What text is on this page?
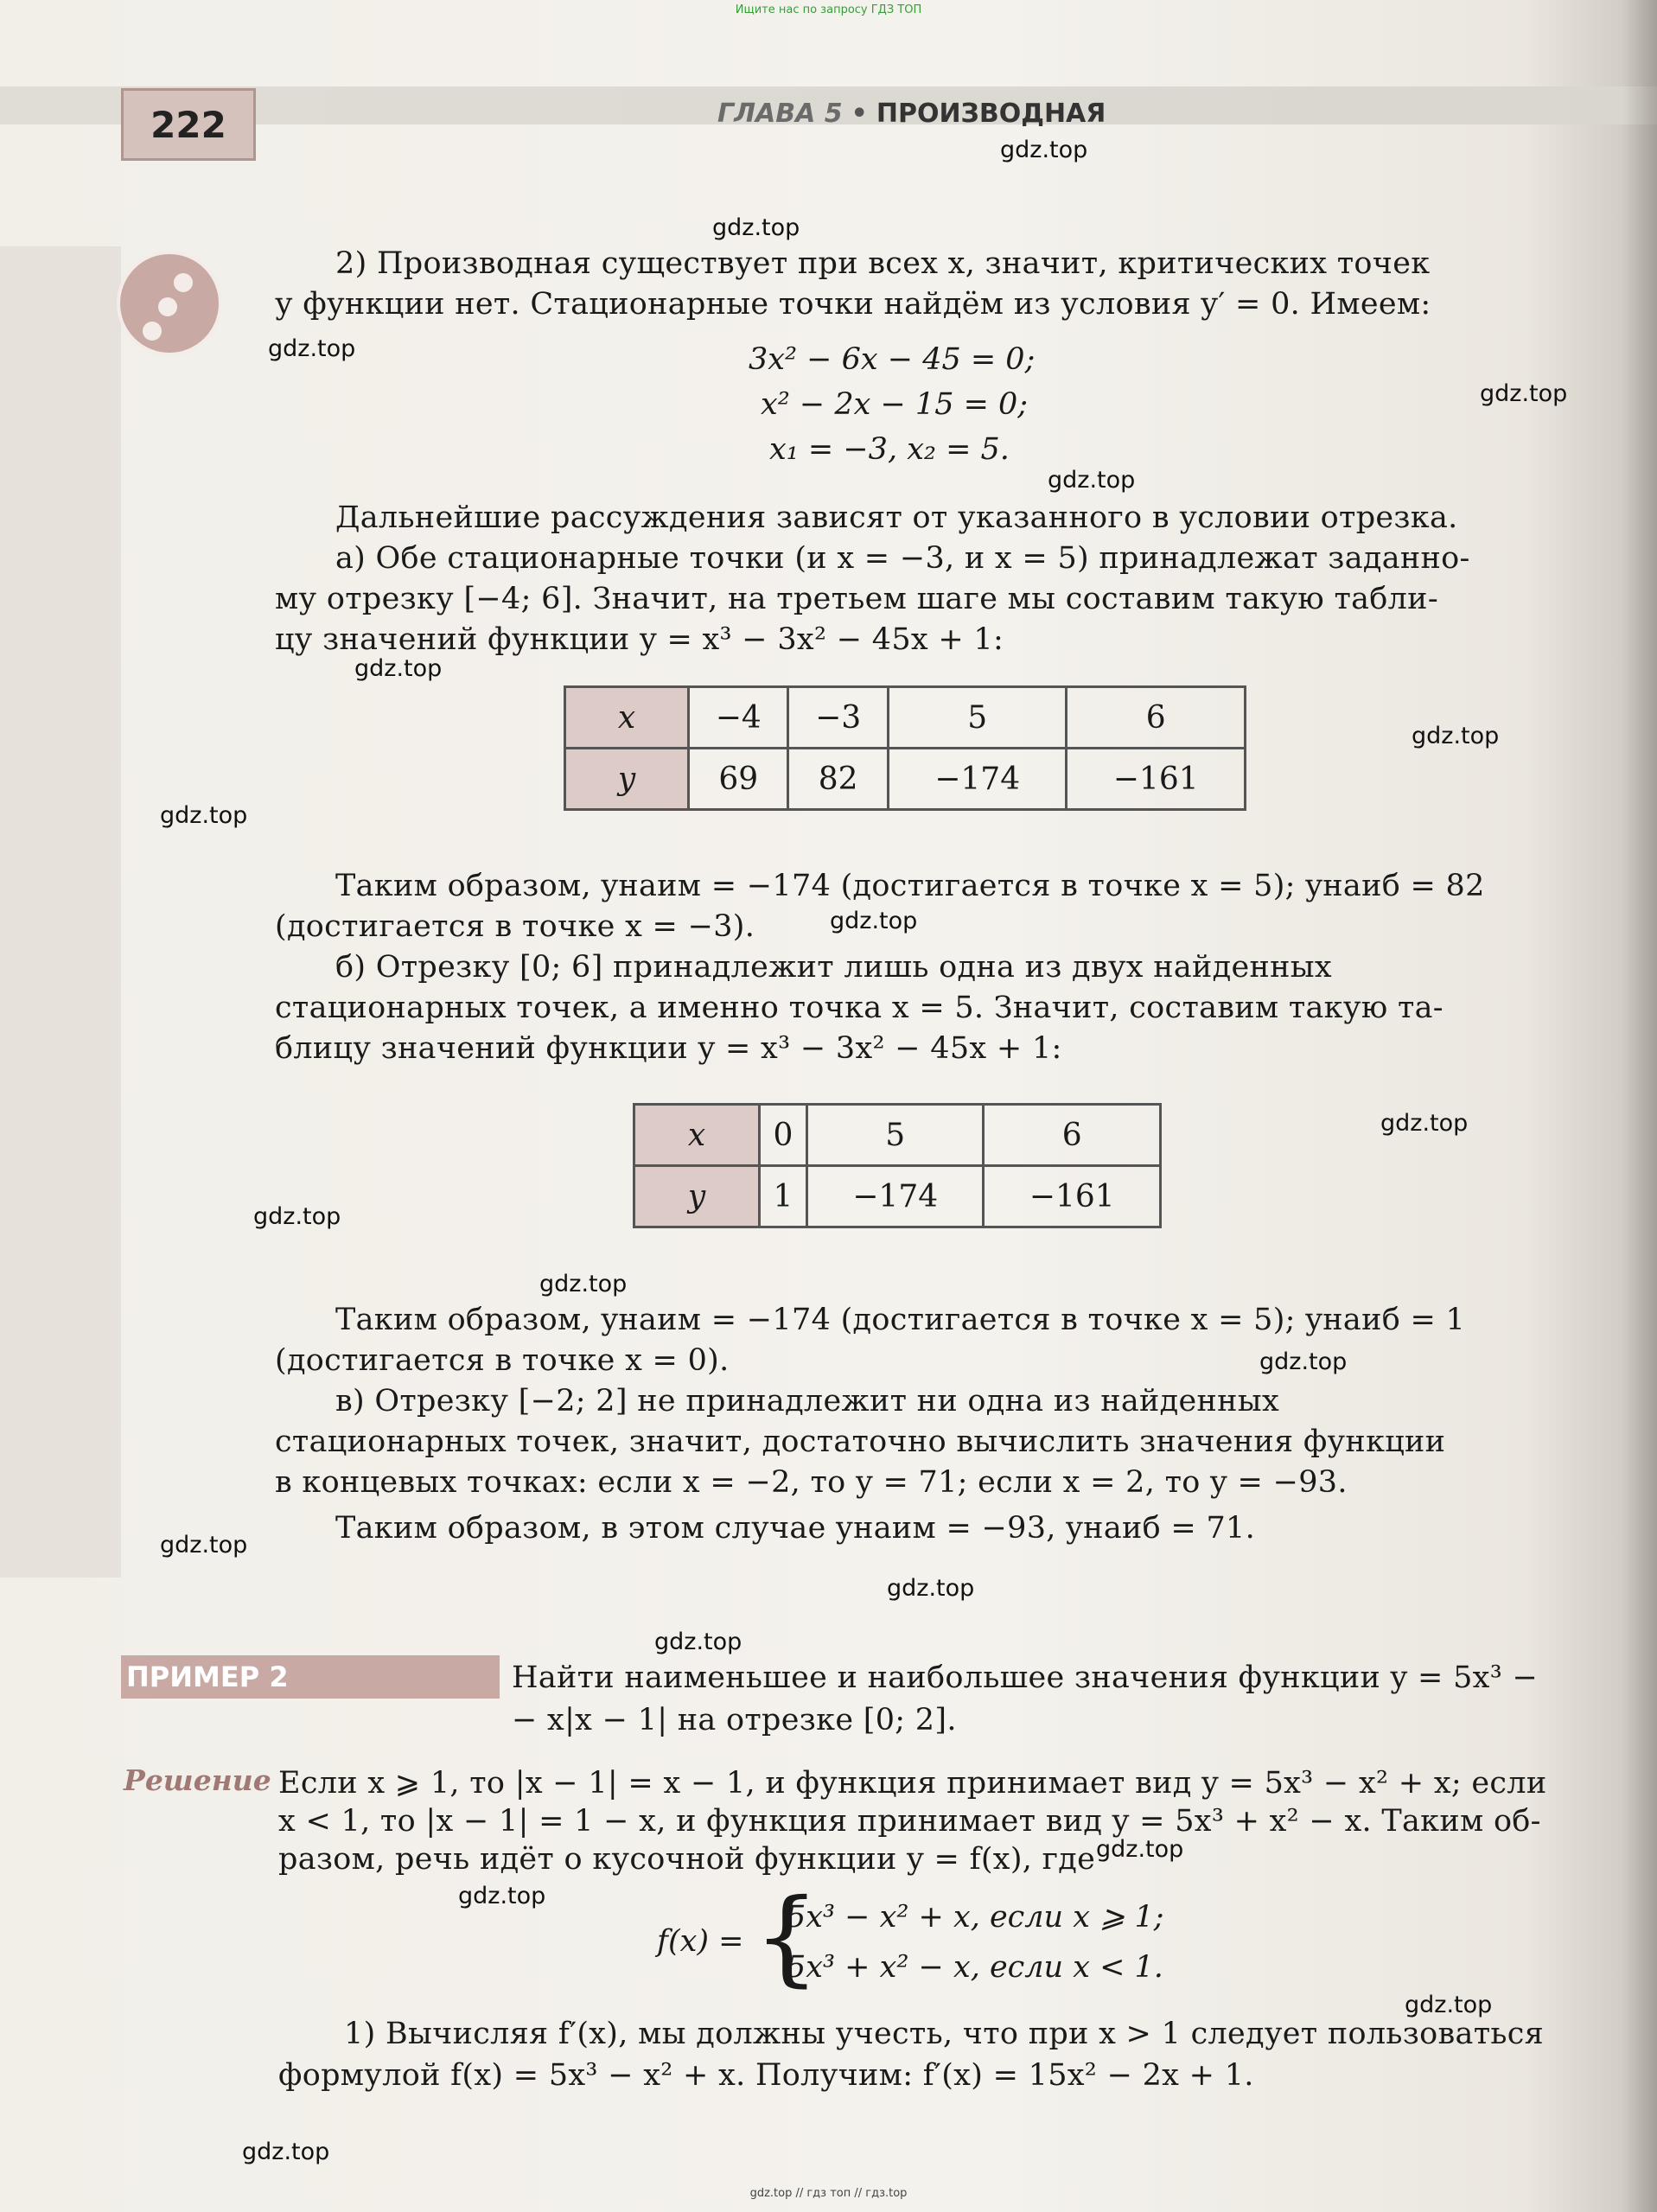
Ищите нас по запросу ГДЗ ТОП
222	ГЛАВА 5 • ПРОИЗВОДНАЯ
gdz.top
gdz.top
gdz.top
gdz.top
gdz.top
gdz.top
gdz.top
gdz.top
gdz.top
gdz.top
gdz.top
gdz.top
gdz.top
gdz.top
gdz.top
gdz.top
gdz.top
gdz.top
gdz.top
gdz.top
2) Производная существует при всех x, значит, критических точек
у функции нет. Стационарные точки найдём из условия y′ = 0. Имеем:
3x² − 6x − 45 = 0;
x² − 2x − 15 = 0;
x₁ = −3, x₂ = 5.
Дальнейшие рассуждения зависят от указанного в условии отрезка.
а) Обе стационарные точки (и x = −3, и x = 5) принадлежат заданно-
му отрезку [−4; 6]. Значит, на третьем шаге мы составим такую табли-
цу значений функции y = x³ − 3x² − 45x + 1:
x	−4	−3	5	6
y	69	82	−174	−161
Таким образом, yнаим = −174 (достигается в точке x = 5); yнаиб = 82
(достигается в точке x = −3).
б) Отрезку [0; 6] принадлежит лишь одна из двух найденных
стационарных точек, а именно точка x = 5. Значит, составим такую та-
блицу значений функции y = x³ − 3x² − 45x + 1:
x	0	5	6
y	1	−174	−161
Таким образом, yнаим = −174 (достигается в точке x = 5); yнаиб = 1
(достигается в точке x = 0).
в) Отрезку [−2; 2] не принадлежит ни одна из найденных
стационарных точек, значит, достаточно вычислить значения функции
в концевых точках: если x = −2, то y = 71; если x = 2, то y = −93.
Таким образом, в этом случае yнаим = −93, yнаиб = 71.
ПРИМЕР 2	Найти наименьшее и наибольшее значения функции y = 5x³ −
− x|x − 1| на отрезке [0; 2].
Решение Если x ⩾ 1, то |x − 1| = x − 1, и функция принимает вид y = 5x³ − x² + x; если
x < 1, то |x − 1| = 1 − x, и функция принимает вид y = 5x³ + x² − x. Таким об-
разом, речь идёт о кусочной функции y = f(x), где
f(x) = {
5x³ − x² + x, если x ⩾ 1;
5x³ + x² − x, если x < 1.
1) Вычисляя f′(x), мы должны учесть, что при x > 1 следует пользоваться
формулой f(x) = 5x³ − x² + x. Получим: f′(x) = 15x² − 2x + 1.
gdz.top // гдз топ // гдз.top
